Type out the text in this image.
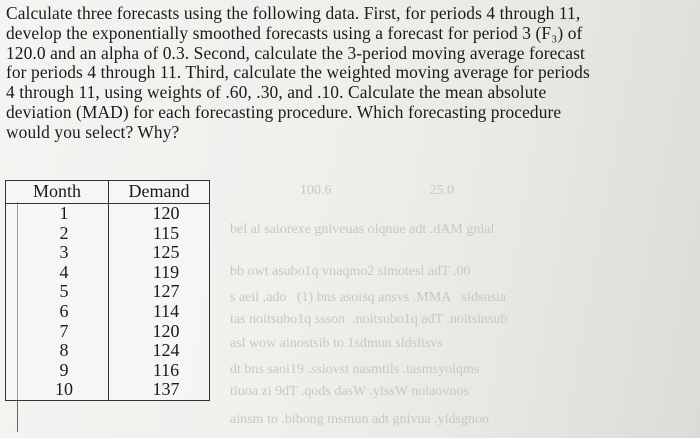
Calculate three forecasts using the following data. First, for periods 4 through 11,
develop the exponentially smoothed forecasts using a forecast for period 3 (F₃) of
120.0 and an alpha of 0.3. Second, calculate the 3-period moving average forecast
for periods 4 through 11. Third, calculate the weighted moving average for periods
4 through 11, using weights of .60, .30, and .10. Calculate the mean absolute
deviation (MAD) for each forecasting procedure. Which forecasting procedure
would you select? Why?
100.6                            25.0
bel ai saiorexe gniveuas olqnue adt .dAM gnial
bb owt asubo1q vnaqmo2 simotesl adT .00
s aeil ,ado   (1) bns asoisq ansvs .MMA   sldsnsia
tas noitsubo1q ssson  .noitsubo1q adT .noitsinsub
asl wow ainostsib to 1sdmun sldslisvs
dt bns saoi19 .ssiovst nasmtils .tasmsyolqms
tiuoa zi 9dT .qods dasW .ylssW noiaovnos
ainsm to .bibong tnsmun adt gnivua .yldsgnoo
Month	Demand
1	120
2	115
3	125
4	119
5	127
6	114
7	120
8	124
9	116
10	137
